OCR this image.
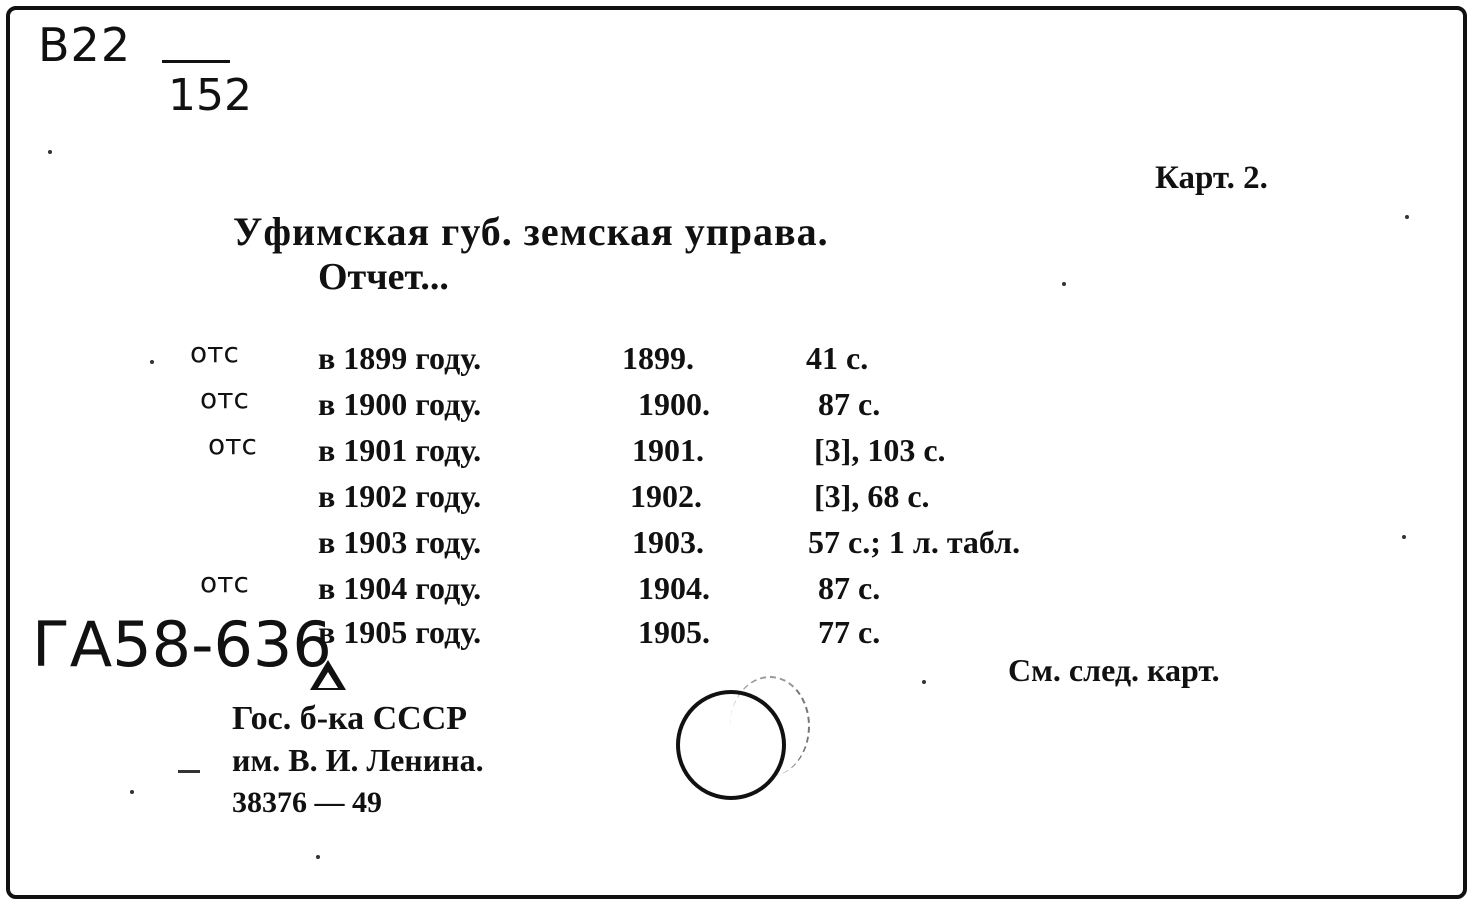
B22
152
Карт. 2.
Уфимская губ. земская управа.
Отчет...
отс в 1899 году.	1899.	41 с.
отс в 1900 году.	1900.	87 с.
отс в 1901 году.	1901.	[3], 103 с.
в 1902 году.	1902.	[3], 68 с.
в 1903 году.	1903.	57 с.; 1 л. табл.
отс в 1904 году.	1904.	87 с.
в 1905 году.	1905.	77 с.
См. след. карт.
ГА58-636
Гос. б-ка СССР
им. В. И. Ленина.
38376 — 49
